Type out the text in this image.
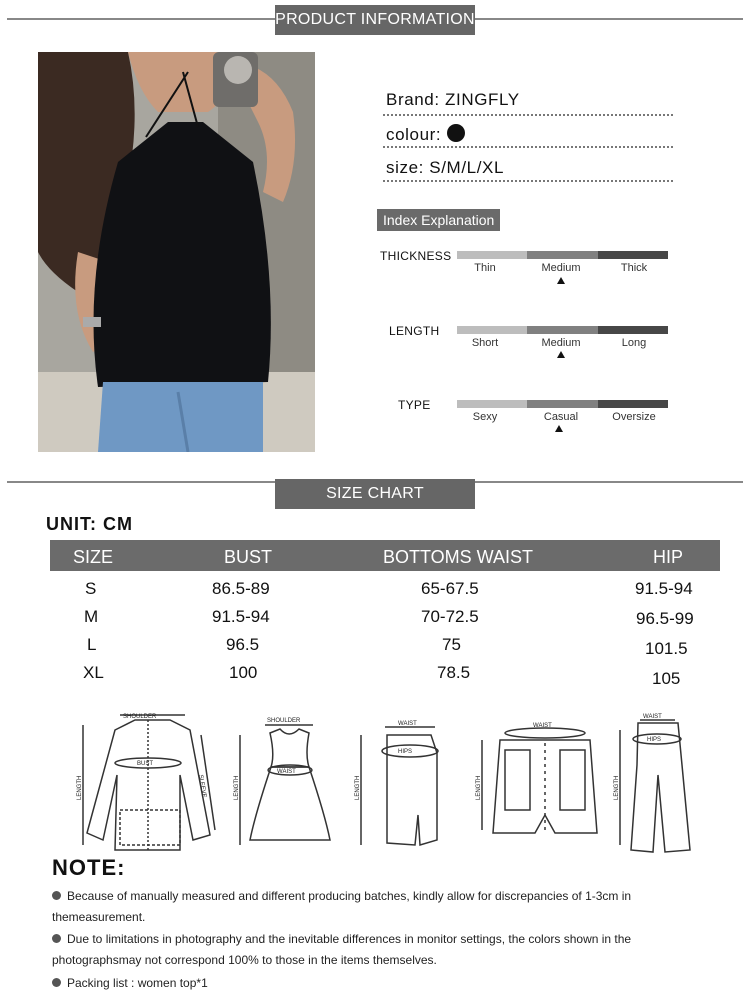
PRODUCT INFORMATION
Brand: ZINGFLY
colour:
size: S/M/L/XL
Index Explanation
THICKNESS
Thin	Medium	Thick
LENGTH
Short	Medium	Long
TYPE
Sexy	Casual	Oversize
SIZE CHART
UNIT: CM
SIZE	BUST	BOTTOMS WAIST	HIP
S	86.5-89	65-67.5	91.5-94
M	91.5-94	70-72.5	96.5-99
L	96.5	75	101.5
XL	100	78.5	105
SHOULDER
BUST
LENGTH	SLEEVE
SHOULDER
WAIST
LENGTH
WAIST
HIPS
LENGTH
WAIST
LENGTH
WAIST
HIPS
LENGTH
NOTE:
Because of manually measured and different producing batches, kindly allow for discrepancies of 1-3cm in themeasurement.
Due to limitations in photography and the inevitable differences in monitor settings, the colors shown in the photographsmay not correspond 100% to those in the items themselves.
Packing list : women top*1
